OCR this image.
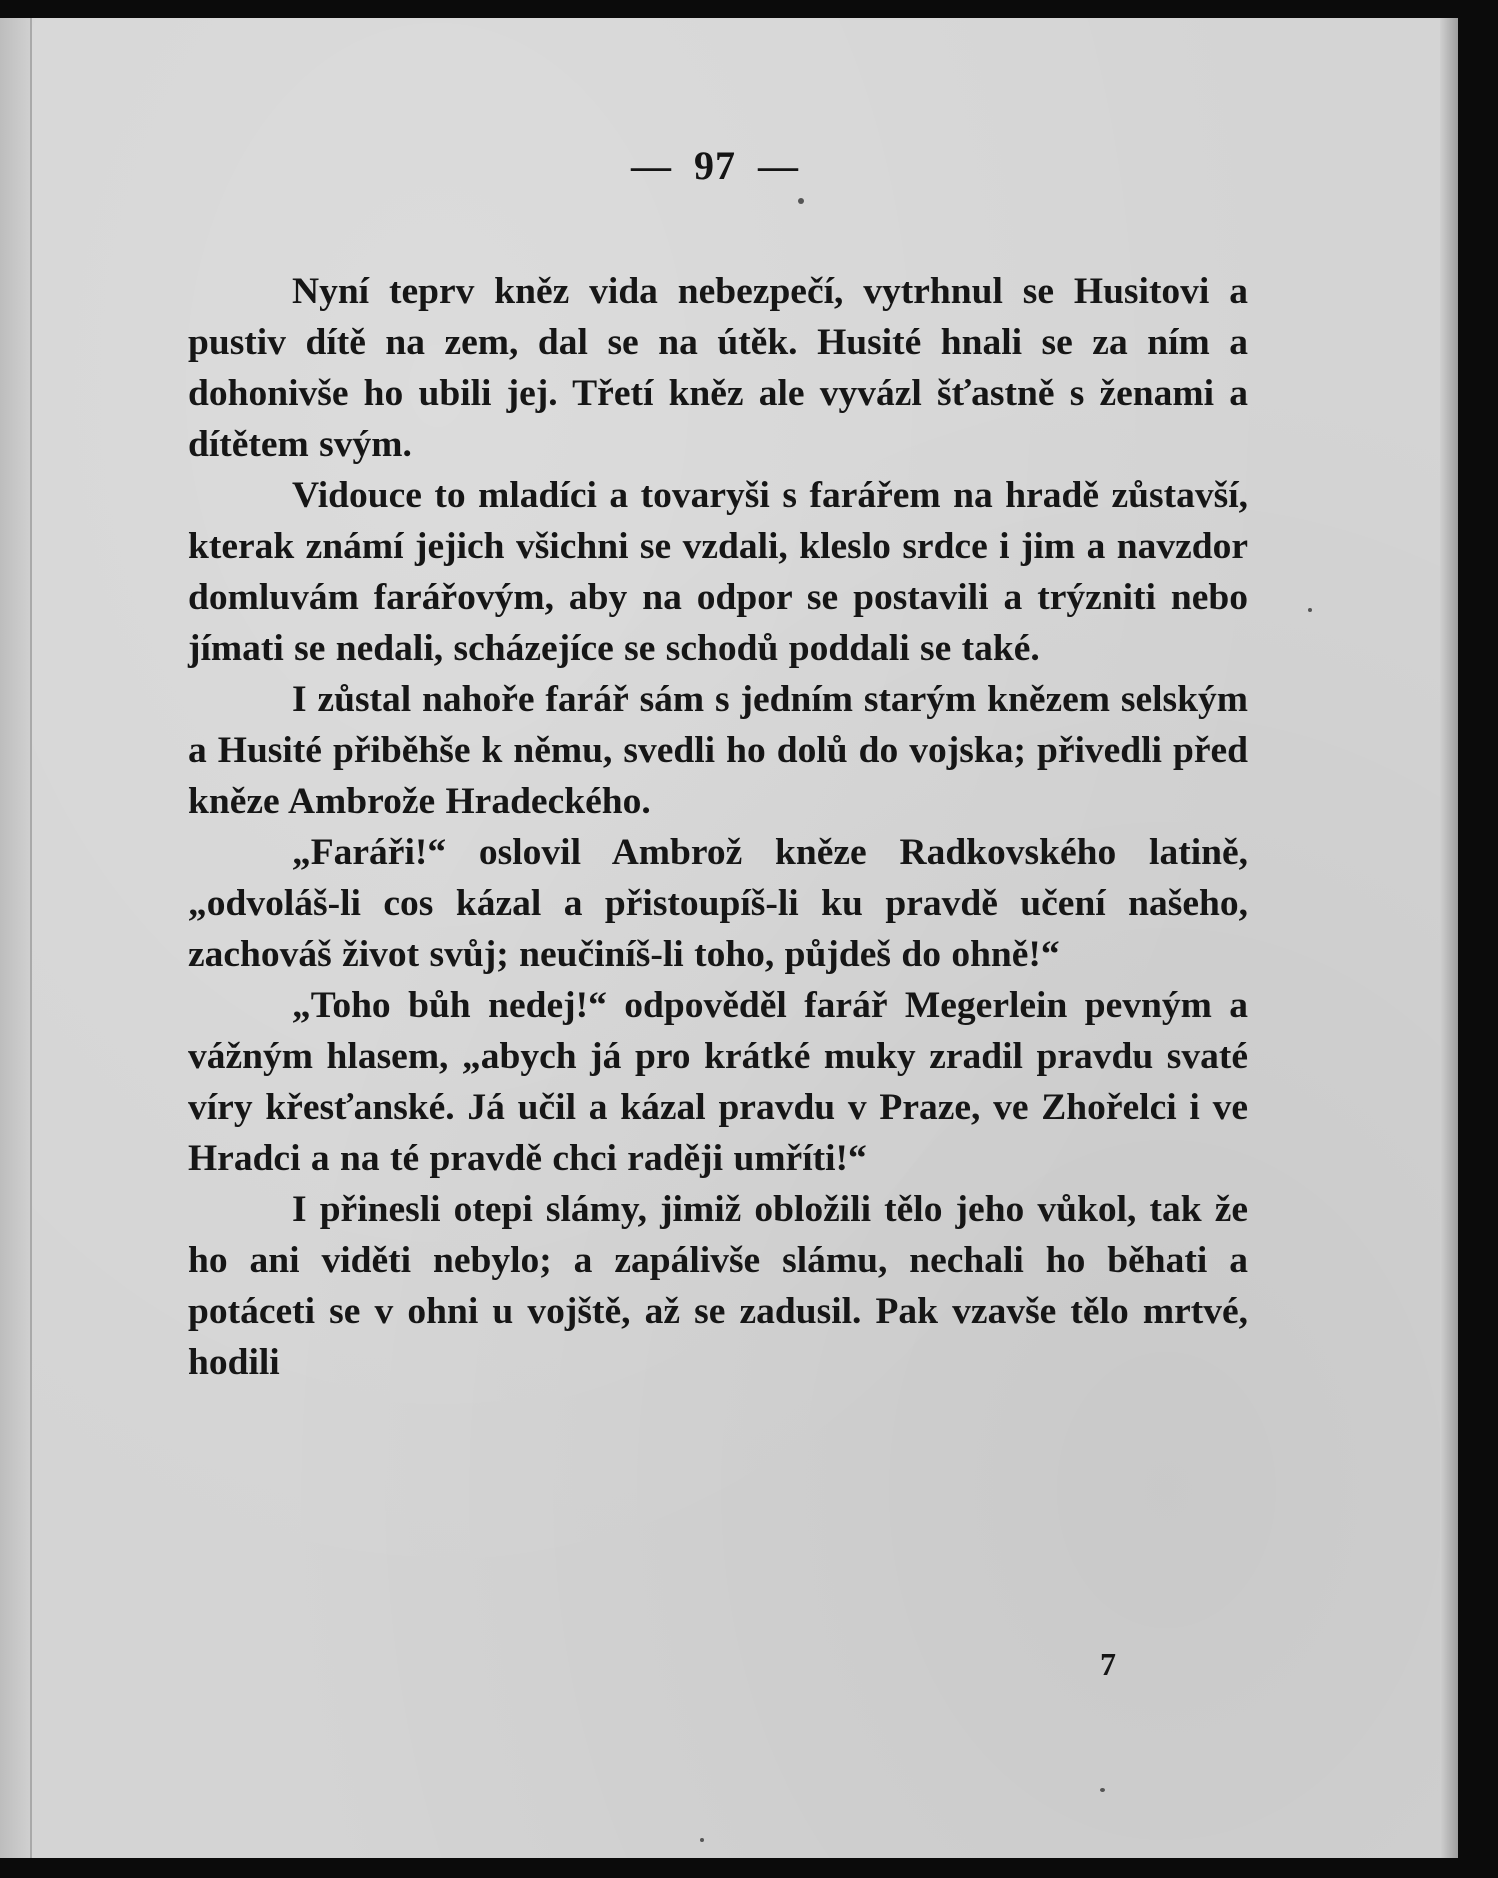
— 97 —

Nyní teprv kněz vida nebezpečí, vytrhnul se Husitovi a pustiv dítě na zem, dal se na útěk. Husité hnali se za ním a dohonivše ho ubili jej. Třetí kněz ale vyvázl šťastně s ženami a dítětem svým.

Vidouce to mladíci a tovaryši s farářem na hradě zůstavší, kterak známí jejich všichni se vzdali, kleslo srdce i jim a navzdor domluvám farářovým, aby na odpor se postavili a trýzniti nebo jímati se nedali, scházejíce se schodů poddali se také.

I zůstal nahoře farář sám s jedním starým knězem selským a Husité přiběhše k němu, svedli ho dolů do vojska; přivedli před kněze Ambrože Hradeckého.

„Faráři!“ oslovil Ambrož kněze Radkovského latině, „odvoláš-li cos kázal a přistoupíš-li ku pravdě učení našeho, zachováš život svůj; neučiníš-li toho, půjdeš do ohně!“

„Toho bůh nedej!“ odpověděl farář Megerlein pevným a vážným hlasem, „abych já pro krátké muky zradil pravdu svaté víry křesťanské. Já učil a kázal pravdu v Praze, ve Zhořelci i ve Hradci a na té pravdě chci raději umříti!“

I přinesli otepi slámy, jimiž obložili tělo jeho vůkol, tak že ho ani viděti nebylo; a zapálivše slámu, nechali ho běhati a potáceti se v ohni u vojště, až se zadusil. Pak vzavše tělo mrtvé, hodili

7
